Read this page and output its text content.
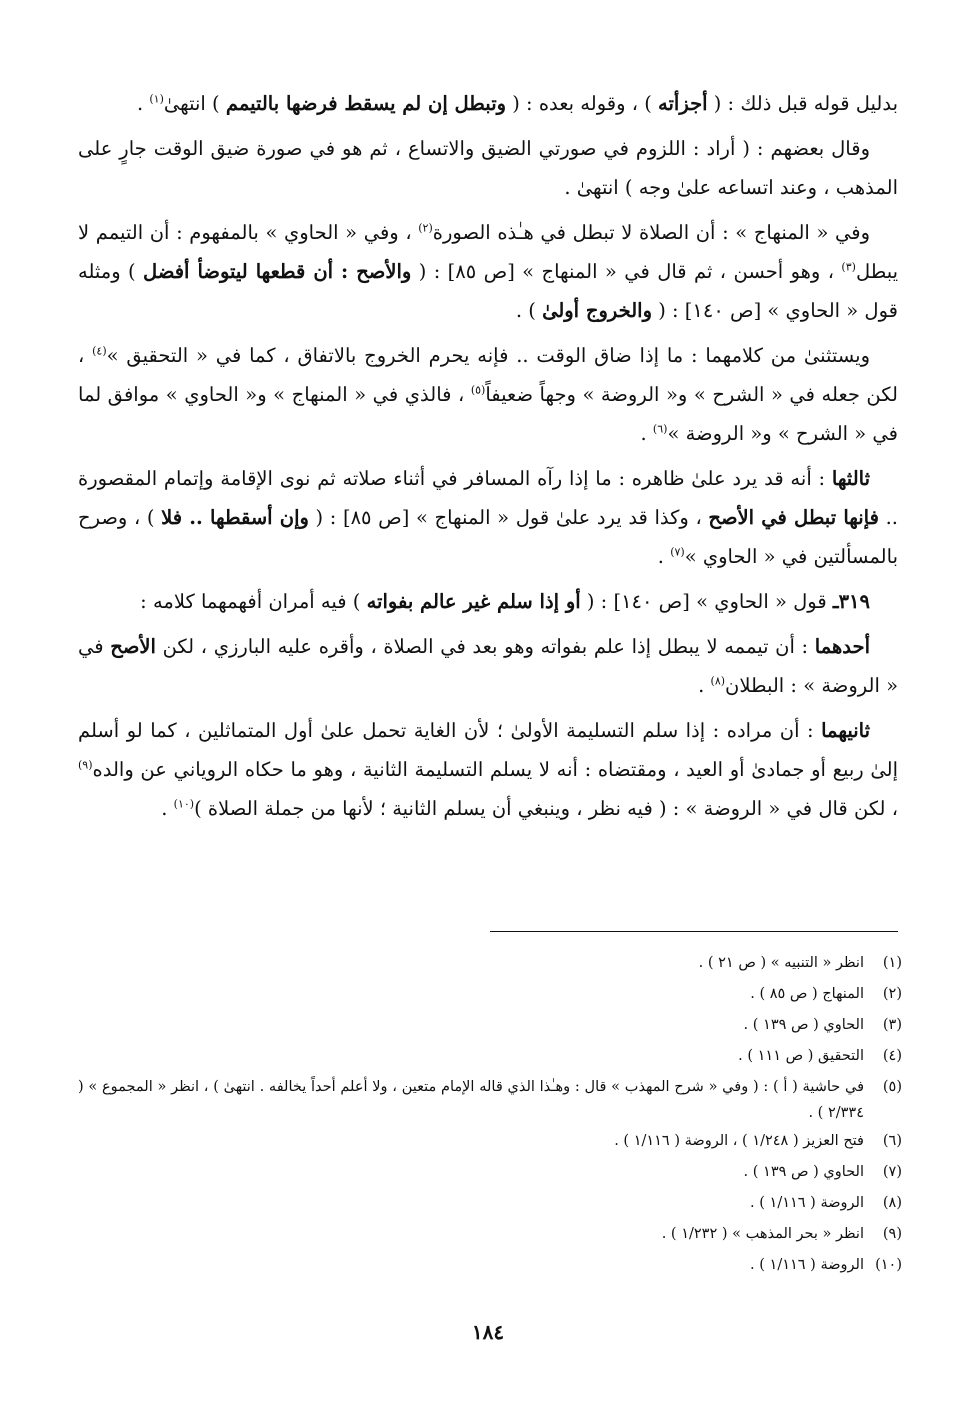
بدليل قوله قبل ذلك : ( أجزأته ) ، وقوله بعده : ( وتبطل إن لم يسقط فرضها بالتيمم ) انتهىٰ$^{(١)}$ .

وقال بعضهم : ( أراد : اللزوم في صورتي الضيق والاتساع ، ثم هو في صورة ضيق الوقت جارٍ على المذهب ، وعند اتساعه علىٰ وجه ) انتهىٰ .

وفي « المنهاج » : أن الصلاة لا تبطل في هـٰذه الصورة$^{(٢)}$ ، وفي « الحاوي » بالمفهوم : أن التيمم لا يبطل$^{(٣)}$ ، وهو أحسن ، ثم قال في « المنهاج » [ص ٨٥] : ( والأصح : أن قطعها ليتوضأ أفضل ) ومثله قول « الحاوي » [ص ١٤٠] : ( والخروج أولىٰ ) .

ويستثنىٰ من كلامهما : ما إذا ضاق الوقت .. فإنه يحرم الخروج بالاتفاق ، كما في « التحقيق »$^{(٤)}$ ، لكن جعله في « الشرح » و« الروضة » وجهاً ضعيفاً$^{(٥)}$ ، فالذي في « المنهاج » و« الحاوي » موافق لما في « الشرح » و« الروضة »$^{(٦)}$ .

ثالثها : أنه قد يرد علىٰ ظاهره : ما إذا رآه المسافر في أثناء صلاته ثم نوى الإقامة وإتمام المقصورة .. فإنها تبطل في الأصح ، وكذا قد يرد علىٰ قول « المنهاج » [ص ٨٥] : ( وإن أسقطها .. فلا ) ، وصرح بالمسألتين في « الحاوي »$^{(٧)}$ .

٣١٩ـ قول « الحاوي » [ص ١٤٠] : ( أو إذا سلم غير عالم بفواته ) فيه أمران أفهمهما كلامه :

أحدهما : أن تيممه لا يبطل إذا علم بفواته وهو بعد في الصلاة ، وأقره عليه البارزي ، لكن الأصح في « الروضة » : البطلان$^{(٨)}$ .

ثانيهما : أن مراده : إذا سلم التسليمة الأولىٰ ؛ لأن الغاية تحمل علىٰ أول المتماثلين ، كما لو أسلم إلىٰ ربيع أو جمادىٰ أو العيد ، ومقتضاه : أنه لا يسلم التسليمة الثانية ، وهو ما حكاه الروياني عن والده$^{(٩)}$ ، لكن قال في « الروضة » : ( فيه نظر ، وينبغي أن يسلم الثانية ؛ لأنها من جملة الصلاة )$^{(١٠)}$ .

(١)
انظر « التنبيه » ( ص ٢١ ) .
(٢)
المنهاج ( ص ٨٥ ) .
(٣)
الحاوي ( ص ١٣٩ ) .
(٤)
التحقيق ( ص ١١١ ) .
(٥)
في حاشية ( أ ) : ( وفي « شرح المهذب » قال : وهـٰذا الذي قاله الإمام متعين ، ولا أعلم أحداً يخالفه . انتهىٰ ) ، انظر « المجموع » ( ٢/٣٣٤ ) .
(٦)
فتح العزيز ( ١/٢٤٨ ) ، الروضة ( ١/١١٦ ) .
(٧)
الحاوي ( ص ١٣٩ ) .
(٨)
الروضة ( ١/١١٦ ) .
(٩)
انظر « بحر المذهب » ( ١/٢٣٢ ) .
(١٠)
الروضة ( ١/١١٦ ) .
١٨٤
